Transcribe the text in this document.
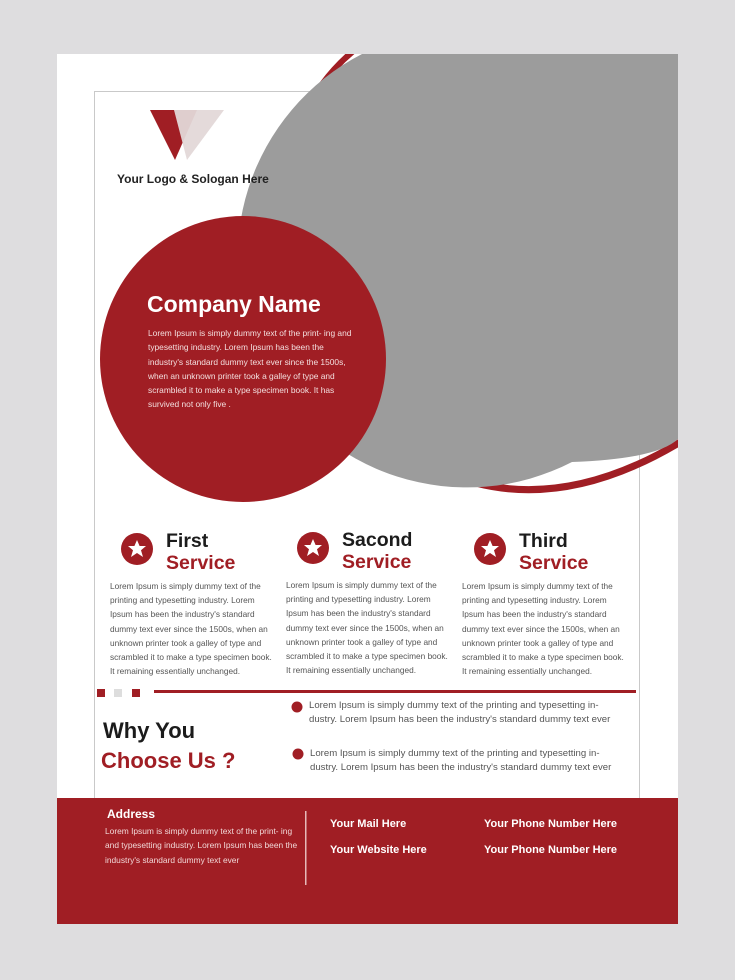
Your Logo & Sologan Here

Company Name

Lorem Ipsum is simply dummy text of the print- ing and typesetting industry. Lorem Ipsum has been the industry's standard dummy text ever since the 1500s, when an unknown printer took a galley of type and scrambled it to make a type specimen book. It has survived not only five .

First
Service

Lorem Ipsum is simply dummy text of the printing and typesetting industry. Lorem Ipsum has been the industry's standard dummy text ever since the 1500s, when an unknown printer took a galley of type and scrambled it to make a type specimen book. It remaining essentially unchanged.

Sacond
Service

Lorem Ipsum is simply dummy text of the printing and typesetting industry. Lorem Ipsum has been the industry's standard dummy text ever since the 1500s, when an unknown printer took a galley of type and scrambled it to make a type specimen book. It remaining essentially unchanged.

Third
Service

Lorem Ipsum is simply dummy text of the printing and typesetting industry. Lorem Ipsum has been the industry's standard dummy text ever since the 1500s, when an unknown printer took a galley of type and scrambled it to make a type specimen book. It remaining essentially unchanged.

Why You

Choose Us ?

Lorem Ipsum is simply dummy text of the printing and typesetting in- dustry. Lorem Ipsum has been the industry's standard dummy text ever

Lorem Ipsum is simply dummy text of the printing and typesetting in- dustry. Lorem Ipsum has been the industry's standard dummy text ever

Address

Lorem Ipsum is simply dummy text of the print- ing and typesetting industry. Lorem Ipsum has been the industry's standard dummy text ever

Your Mail Here

Your Website Here

Your Phone Number Here

Your Phone Number Here
